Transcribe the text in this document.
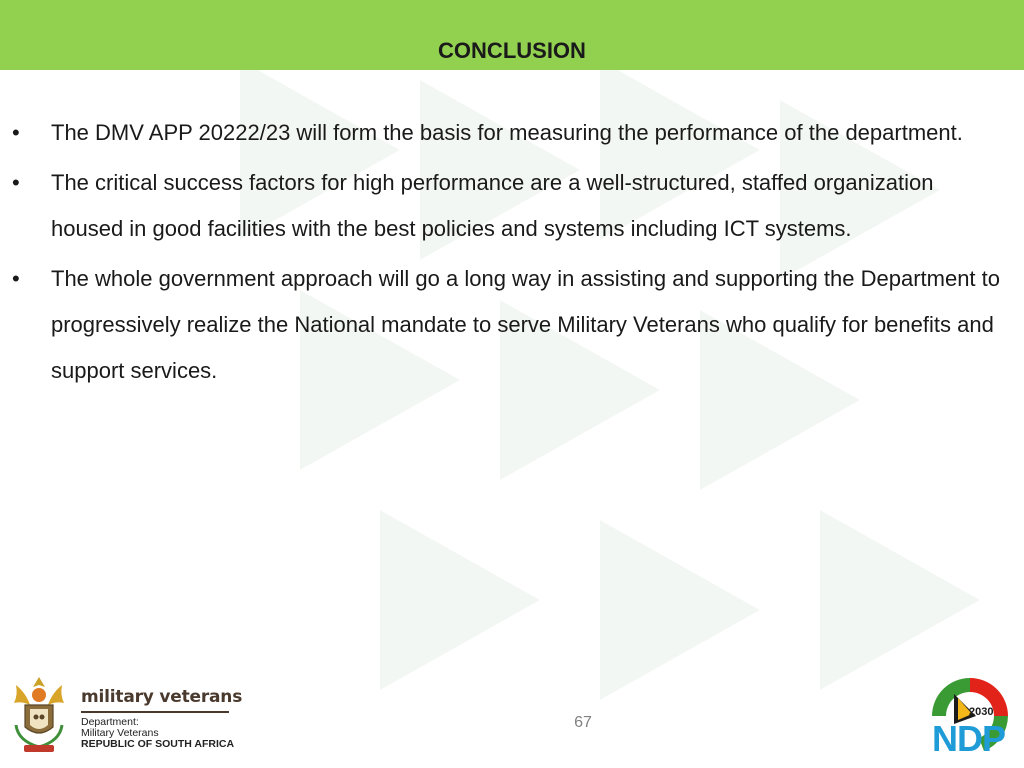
CONCLUSION
• The DMV APP 20222/23 will form the basis for measuring the performance of the department.
• The critical success factors for high performance are a well-structured, staffed organization housed in good facilities with the best policies and systems including ICT systems.
• The whole government approach will go a long way in assisting and supporting the Department to progressively realize the National mandate to serve Military Veterans who qualify for benefits and support services.
67
military veterans
Department:
Military Veterans
REPUBLIC OF SOUTH AFRICA
2030
NDP
